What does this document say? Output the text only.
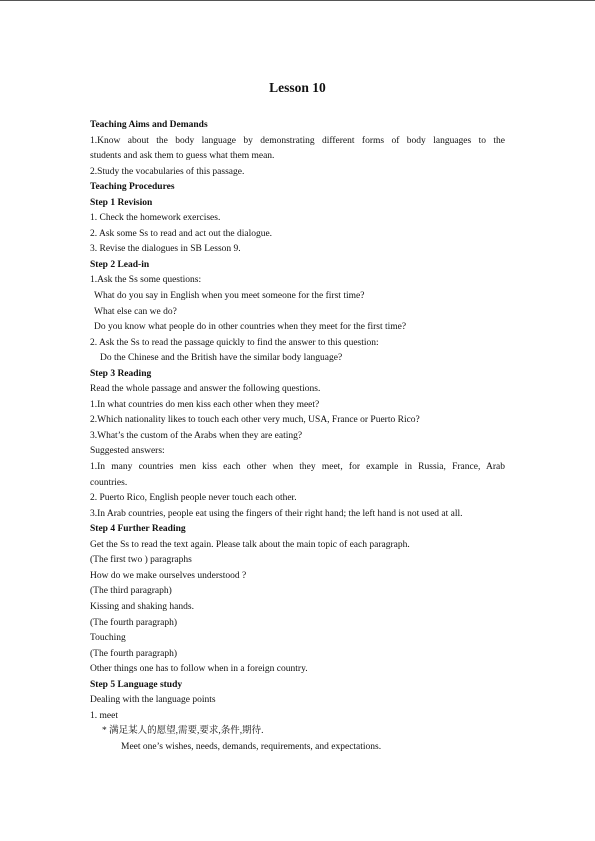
Lesson 10
Teaching Aims and Demands
1.Know about the body language by demonstrating different forms of body languages to the
students and ask them to guess what them mean.
2.Study the vocabularies of this passage.
Teaching Procedures
Step 1 Revision
1. Check the homework exercises.
2. Ask some Ss to read and act out the dialogue.
3. Revise the dialogues in SB Lesson 9.
Step 2 Lead-in
1.Ask the Ss some questions:
What do you say in English when you meet someone for the first time?
What else can we do?
Do you know what people do in other countries when they meet for the first time?
2. Ask the Ss to read the passage quickly to find the answer to this question:
Do the Chinese and the British have the similar body language?
Step 3 Reading
Read the whole passage and answer the following questions.
1.In what countries do men kiss each other when they meet?
2.Which nationality likes to touch each other very much, USA, France or Puerto Rico?
3.What’s the custom of the Arabs when they are eating?
Suggested answers:
1.In many countries men kiss each other when they meet, for example in Russia, France, Arab
countries.
2. Puerto Rico, English people never touch each other.
3.In Arab countries, people eat using the fingers of their right hand; the left hand is not used at all.
Step 4 Further Reading
Get the Ss to read the text again. Please talk about the main topic of each paragraph.
(The first two ) paragraphs
How do we make ourselves understood ?
(The third paragraph)
Kissing and shaking hands.
(The fourth paragraph)
Touching
(The fourth paragraph)
Other things one has to follow when in a foreign country.
Step 5 Language study
Dealing with the language points
1. meet
* 满足某人的愿望,需要,要求,条件,期待.
Meet one’s wishes, needs, demands, requirements, and expectations.
